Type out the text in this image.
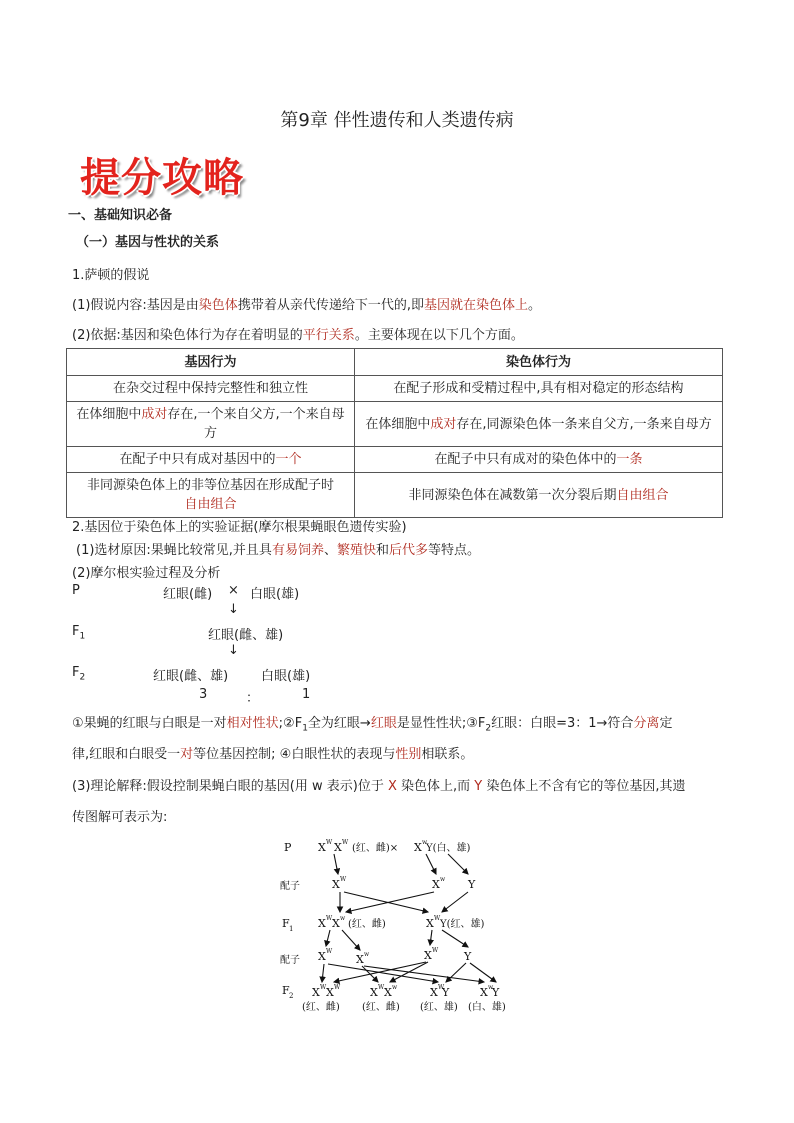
第9章 伴性遗传和人类遗传病
提分攻略
一、基础知识必备
（一）基因与性状的关系
1.萨顿的假说
(1)假说内容:基因是由染色体携带着从亲代传递给下一代的,即基因就在染色体上。
(2)依据:基因和染色体行为存在着明显的平行关系。主要体现在以下几个方面。
基因行为	染色体行为
在杂交过程中保持完整性和独立性	在配子形成和受精过程中,具有相对稳定的形态结构
在体细胞中成对存在,一个来自父方,一个来自母方	在体细胞中成对存在,同源染色体一条来自父方,一条来自母方
在配子中只有成对基因中的一个	在配子中只有成对的染色体中的一条
非同源染色体上的非等位基因在形成配子时
自由组合	非同源染色体在减数第一次分裂后期自由组合
2.基因位于染色体上的实验证据(摩尔根果蝇眼色遗传实验)
(1)选材原因:果蝇比较常见,并且具有易饲养、繁殖快和后代多等特点。
(2)摩尔根实验过程及分析
P	红眼(雌) × 白眼(雄)
↓
$F_1$	红眼(雌、雄)
↓
$F_2$	红眼(雌、雄)	白眼(雄)
3	：	1
①果蝇的红眼与白眼是一对相对性状$;②F_1$全为红眼→红眼是显性性状$;③F_2$红眼：白眼=3：1→符合分离定
律,红眼和白眼受一对等位基因控制; ④白眼性状的表现与性别相联系。
(3)理论解释:假设控制果蝇白眼的基因(用 w 表示)位于 X 染色体上,而 Y 染色体上不含有它的等位基因,其遗
传图解可表示为:
P X W X W
(红、雌)× X w
Y(白、雄)
配子	X W	X w Y
F 1 X W X w
(红、雌)	X W
Y(红、雄)
配子 X W
X w	X W Y
F 2 X W X W	X W X w	X W
Y	X w
Y
(红、雌) (红、雌) (红、雄) (白、雄)
